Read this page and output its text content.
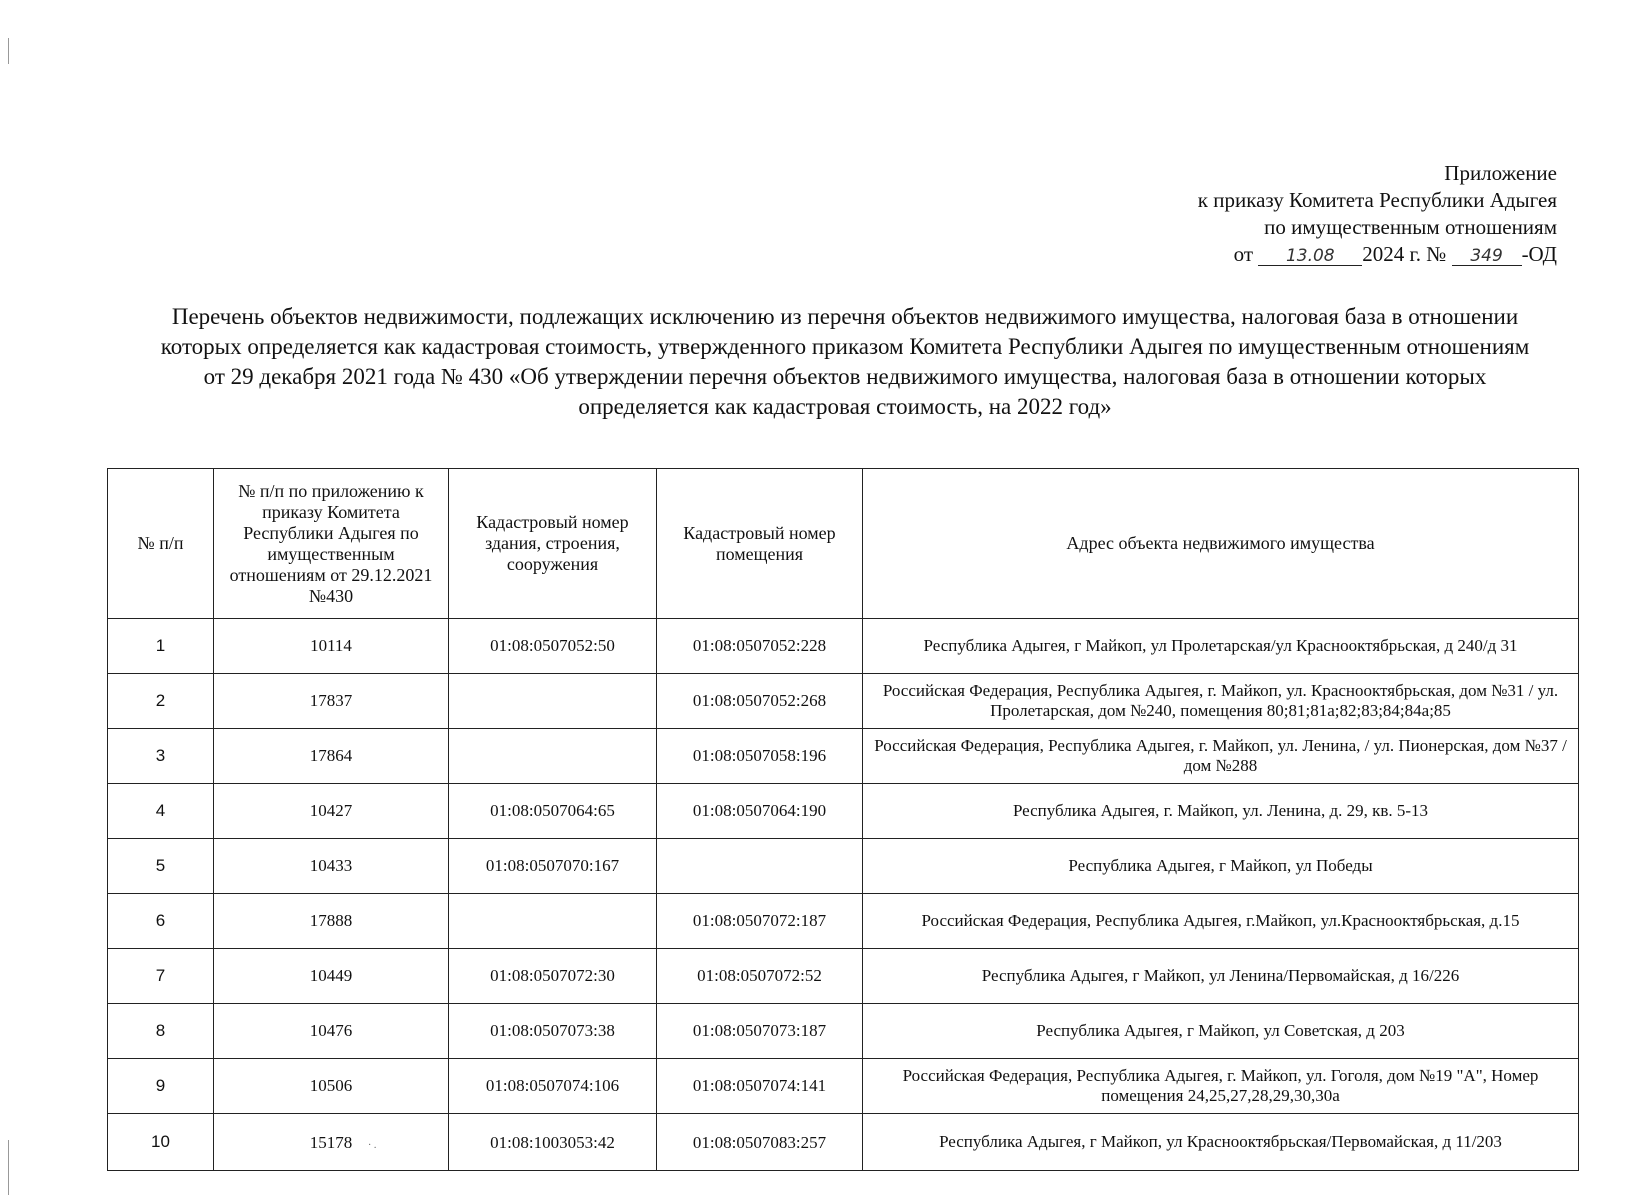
· .
Приложение
к приказу Комитета Республики Адыгея
по имущественным отношениям
от 13.08 2024 г. № 349 -ОД
Перечень объектов недвижимости, подлежащих исключению из перечня объектов недвижимого имущества, налоговая база в отношении которых определяется как кадастровая стоимость, утвержденного приказом Комитета Республики Адыгея по имущественным отношениям от 29 декабря 2021 года № 430 «Об утверждении перечня объектов недвижимого имущества, налоговая база в отношении которых определяется как кадастровая стоимость, на 2022 год»
№ п/п	№ п/п по приложению к приказу Комитета Республики Адыгея по имущественным отношениям от 29.12.2021 №430	Кадастровый номер здания, строения, сооружения	Кадастровый номер помещения	Адрес объекта недвижимого имущества
1	10114	01:08:0507052:50	01:08:0507052:228	Республика Адыгея, г Майкоп, ул Пролетарская/ул Краснооктябрьская, д 240/д 31
2	17837		01:08:0507052:268	Российская Федерация, Республика Адыгея, г. Майкоп, ул. Краснооктябрьская, дом №31 / ул. Пролетарская, дом №240, помещения 80;81;81а;82;83;84;84а;85
3	17864		01:08:0507058:196	Российская Федерация, Республика Адыгея, г. Майкоп, ул. Ленина, / ул. Пионерская, дом №37 / дом №288
4	10427	01:08:0507064:65	01:08:0507064:190	Республика Адыгея, г. Майкоп, ул. Ленина, д. 29, кв. 5-13
5	10433	01:08:0507070:167		Республика Адыгея, г Майкоп, ул Победы
6	17888		01:08:0507072:187	Российская Федерация, Республика Адыгея, г.Майкоп, ул.Краснооктябрьская, д.15
7	10449	01:08:0507072:30	01:08:0507072:52	Республика Адыгея, г Майкоп, ул Ленина/Первомайская, д 16/226
8	10476	01:08:0507073:38	01:08:0507073:187	Республика Адыгея, г Майкоп, ул Советская, д 203
9	10506	01:08:0507074:106	01:08:0507074:141	Российская Федерация, Республика Адыгея, г. Майкоп, ул. Гоголя, дом №19 "А", Номер помещения 24,25,27,28,29,30,30а
10	15178	01:08:1003053:42	01:08:0507083:257	Республика Адыгея, г Майкоп, ул Краснооктябрьская/Первомайская, д 11/203
